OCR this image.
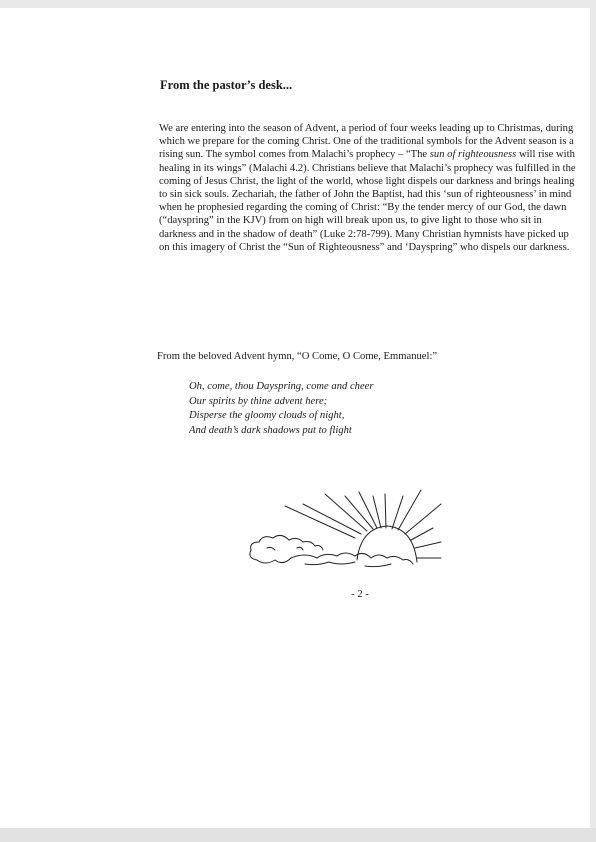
From the pastor’s desk...

We are entering into the season of Advent, a period of four weeks leading up to Christmas, during which we prepare for the coming Christ. One of the traditional symbols for the Advent season is a rising sun. The symbol comes from Malachi’s prophecy – “The sun of righteousness will rise with healing in its wings” (Malachi 4.2). Christians believe that Malachi’s prophecy was fulfilled in the coming of Jesus Christ, the light of the world, whose light dispels our darkness and brings healing to sin sick souls. Zechariah, the father of John the Baptist, had this ‘sun of righteousness’ in mind when he prophesied regarding the coming of Christ: “By the tender mercy of our God, the dawn (“dayspring” in the KJV) from on high will break upon us, to give light to those who sit in darkness and in the shadow of death” (Luke 2:78-799). Many Christian hymnists have picked up on this imagery of Christ the “Sun of Righteousness” and ‘Dayspring” who dispels our darkness.

From the beloved Advent hymn, “O Come, O Come, Emmanuel:”

Oh, come, thou Dayspring, come and cheer
Our spirits by thine advent here;
Disperse the gloomy clouds of night,
And death’s dark shadows put to flight

- 2 -
